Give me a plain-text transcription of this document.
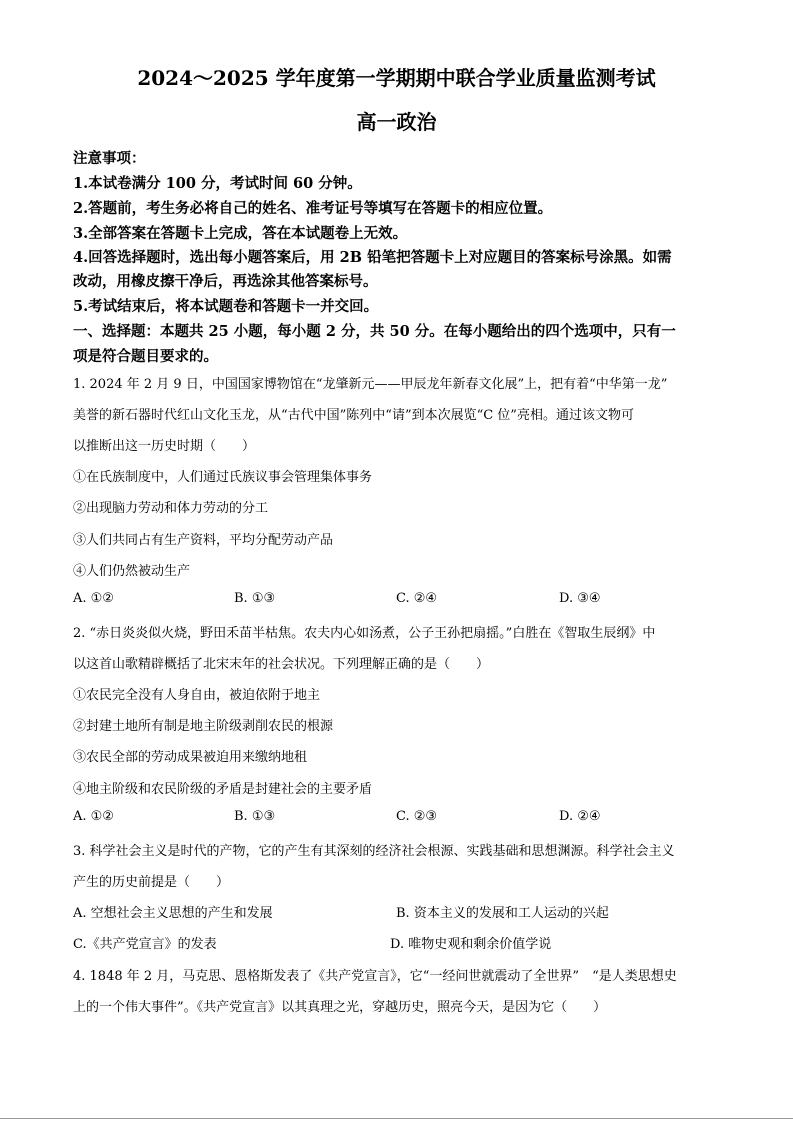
2024～2025 学年度第一学期期中联合学业质量监测考试
高一政治
注意事项：
1.本试卷满分 100 分，考试时间 60 分钟。
2.答题前，考生务必将自己的姓名、准考证号等填写在答题卡的相应位置。
3.全部答案在答题卡上完成，答在本试题卷上无效。
4.回答选择题时，选出每小题答案后，用 2B 铅笔把答题卡上对应题目的答案标号涂黑。如需
改动，用橡皮擦干净后，再选涂其他答案标号。
5.考试结束后，将本试题卷和答题卡一并交回。
一、选择题：本题共 25 小题，每小题 2 分，共 50 分。在每小题给出的四个选项中，只有一
项是符合题目要求的。
1. 2024 年 2 月 9 日，中国国家博物馆在“龙肇新元——甲辰龙年新春文化展”上，把有着“中华第一龙”
美誉的新石器时代红山文化玉龙，从“古代中国”陈列中“请”到本次展览“C 位”亮相。通过该文物可
以推断出这一历史时期（　　）
①在氏族制度中，人们通过氏族议事会管理集体事务
②出现脑力劳动和体力劳动的分工
③人们共同占有生产资料，平均分配劳动产品
④人们仍然被动生产
A. ①②	B. ①③	C. ②④	D. ③④
2. “赤日炎炎似火烧，野田禾苗半枯焦。农夫内心如汤煮，公子王孙把扇摇。”白胜在《智取生辰纲》中
以这首山歌精辟概括了北宋末年的社会状况。下列理解正确的是（　　）
①农民完全没有人身自由，被迫依附于地主
②封建土地所有制是地主阶级剥削农民的根源
③农民全部的劳动成果被迫用来缴纳地租
④地主阶级和农民阶级的矛盾是封建社会的主要矛盾
A. ①②	B. ①③	C. ②③	D. ②④
3. 科学社会主义是时代的产物，它的产生有其深刻的经济社会根源、实践基础和思想渊源。科学社会主义
产生的历史前提是（　　）
A. 空想社会主义思想的产生和发展	B. 资本主义的发展和工人运动的兴起
C.《共产党宣言》的发表	D. 唯物史观和剩余价值学说
4. 1848 年 2 月，马克思、恩格斯发表了《共产党宣言》，它“一经问世就震动了全世界”　“是人类思想史
上的一个伟大事件”。《共产党宣言》以其真理之光，穿越历史，照亮今天，是因为它（　　）
